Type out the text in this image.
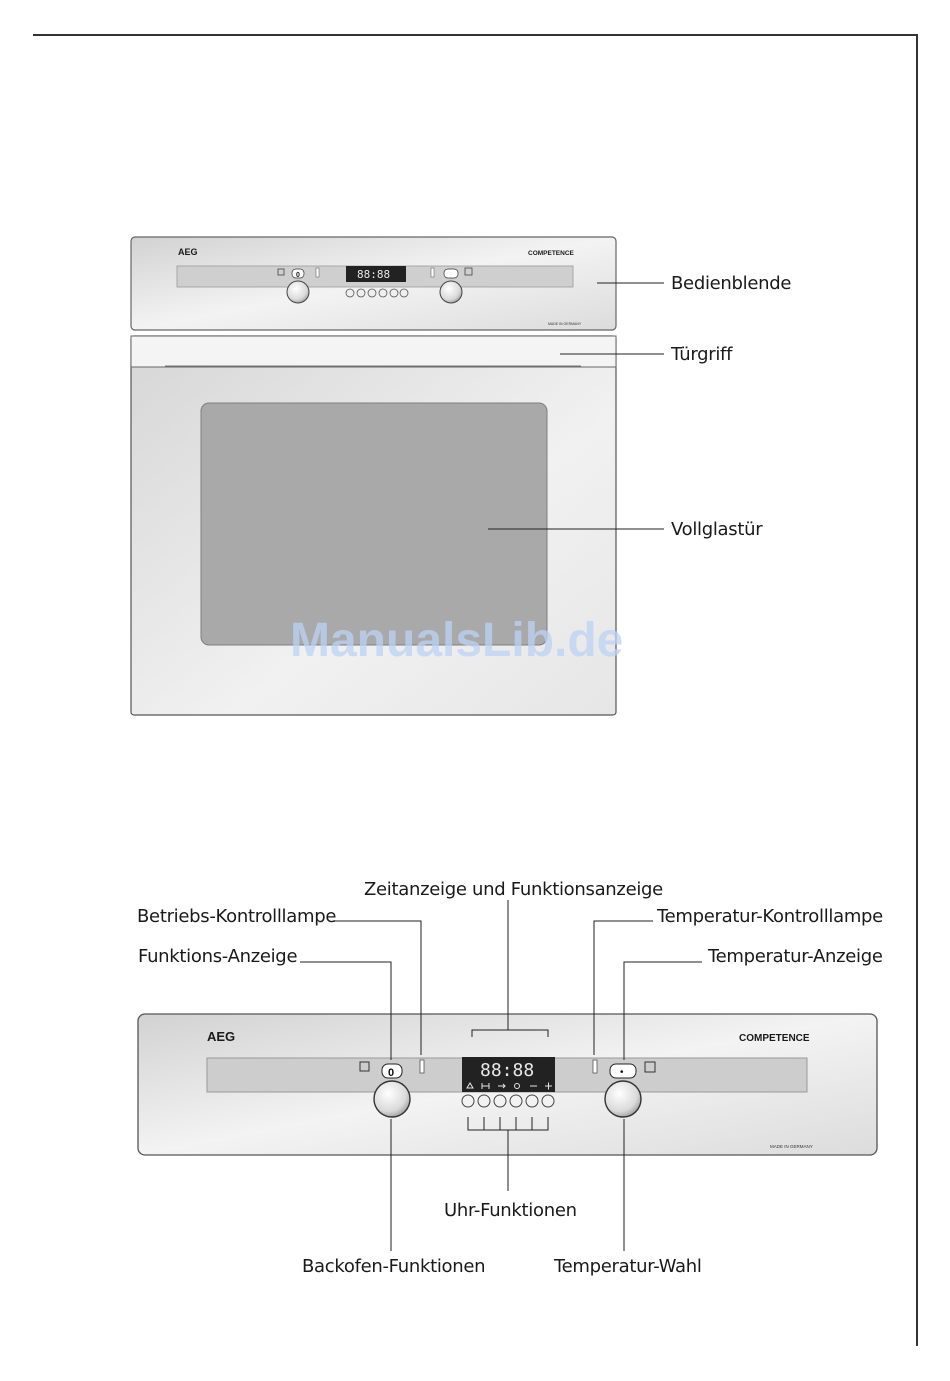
AEG	COMPETENCE
88:88
0
MADE IN GERMANY
Bedienblende
Türgriff
Vollglastür
ManualsLib.de
AEG	COMPETENCE
88:88
0	•
MADE IN GERMANY
Zeitanzeige und Funktionsanzeige
Betriebs-Kontrolllampe
Funktions-Anzeige
Temperatur-Kontrolllampe
Temperatur-Anzeige
Uhr-Funktionen
Backofen-Funktionen	Temperatur-Wahl
